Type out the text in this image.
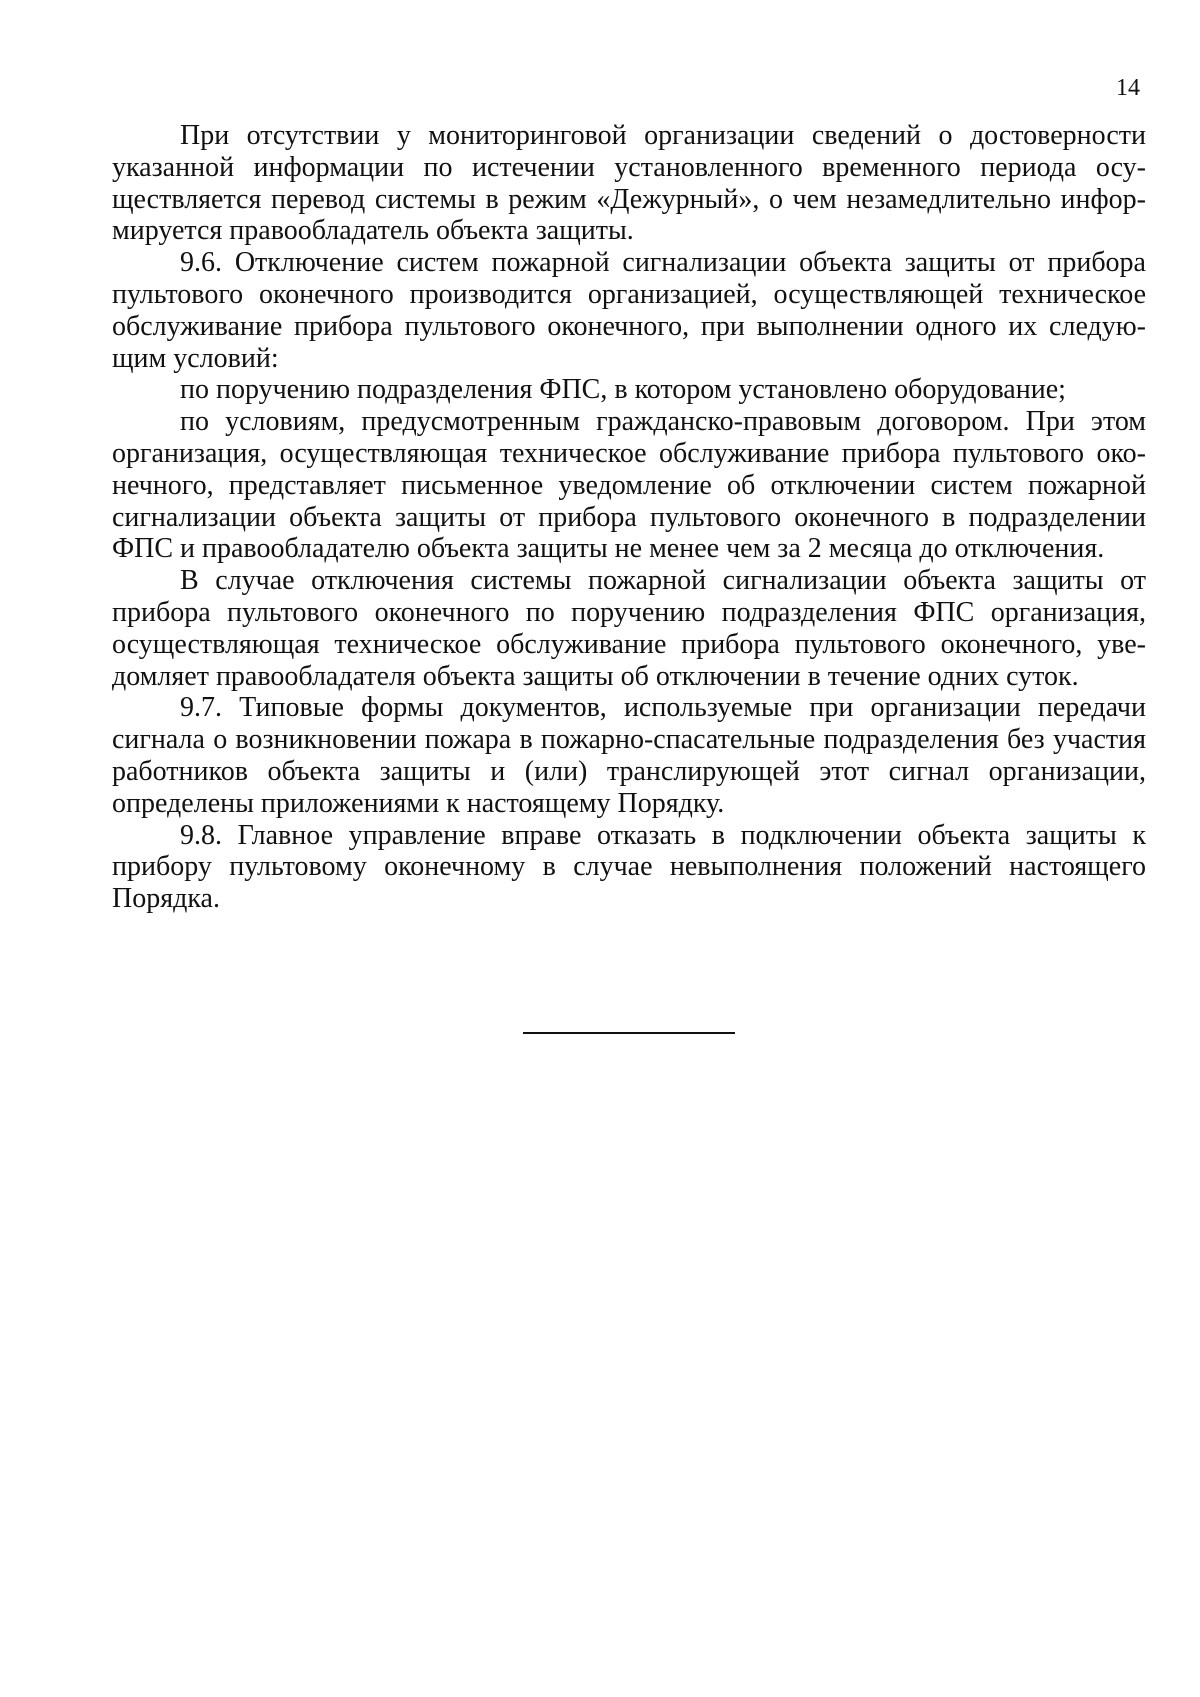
14

При отсутствии у мониторинговой организации сведений о достоверности указанной информации по истечении установленного временного периода осуществляется перевод системы в режим «Дежурный», о чем незамедлительно информируется правообладатель объекта защиты.

9.6. Отключение систем пожарной сигнализации объекта защиты от прибора пультового оконечного производится организацией, осуществляющей техническое обслуживание прибора пультового оконечного, при выполнении одного их следующим условий:

по поручению подразделения ФПС, в котором установлено оборудование;

по условиям, предусмотренным гражданско-правовым договором. При этом организация, осуществляющая техническое обслуживание прибора пультового оконечного, представляет письменное уведомление об отключении систем пожарной сигнализации объекта защиты от прибора пультового оконечного в подразделении ФПС и правообладателю объекта защиты не менее чем за 2 месяца до отключения.

В случае отключения системы пожарной сигнализации объекта защиты от прибора пультового оконечного по поручению подразделения ФПС организация, осуществляющая техническое обслуживание прибора пультового оконечного, уведомляет правообладателя объекта защиты об отключении в течение одних суток.

9.7. Типовые формы документов, используемые при организации передачи сигнала о возникновении пожара в пожарно-спасательные подразделения без участия работников объекта защиты и (или) транслирующей этот сигнал организации, определены приложениями к настоящему Порядку.

9.8. Главное управление вправе отказать в подключении объекта защиты к прибору пультовому оконечному в случае невыполнения положений настоящего Порядка.
